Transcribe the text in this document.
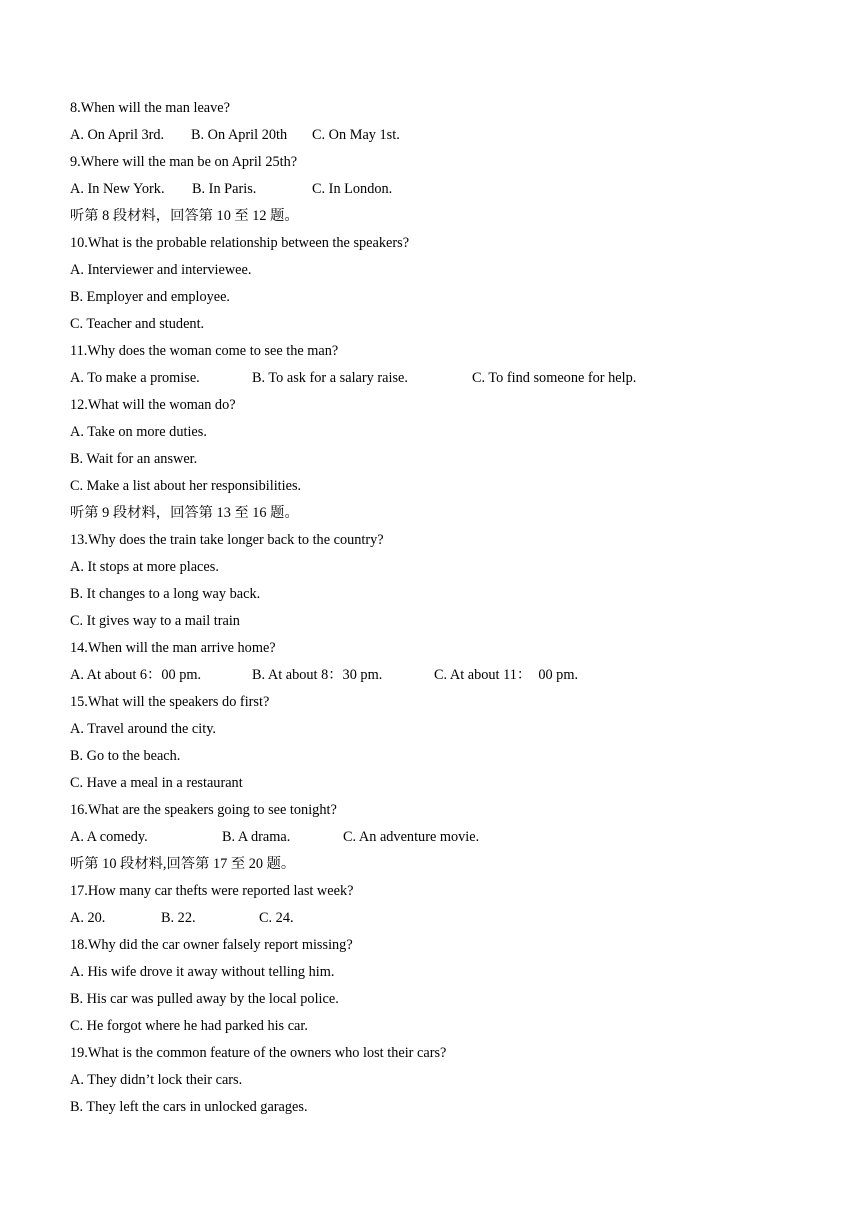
8.When will the man leave?

A. On April 3rd.

B. On April 20th

C. On May 1st.

9.Where will the man be on April 25th?

A. In New York.

B. In Paris.

	C. In London.

听第 8 段材料，回答第 10 至 12 题。
10.What is the probable relationship between the speakers?
A. Interviewer and interviewee.
B. Employer and employee.
C. Teacher and student.
11.Why does the woman come to see the man?

A. To make a promise.

	B. To ask for a salary raise.

	C. To find someone for help.

12.What will the woman do?
A. Take on more duties.
B. Wait for an answer.
C. Make a list about her responsibilities.
听第 9 段材料，回答第 13 至 16 题。
13.Why does the train take longer back to the country?
A. It stops at more places.
B. It changes to a long way back.
C. It gives way to a mail train
14.When will the man arrive home?

A. At about 6：00 pm.

	B. At about 8：30 pm.

	C. At about 11：  00 pm.

15.What will the speakers do first?
A. Travel around the city.
B. Go to the beach.
C. Have a meal in a restaurant
16.What are the speakers going to see tonight?

A. A comedy.

	B. A drama.

	C. An adventure movie.

听第 10 段材料,回答第 17 至 20 题。
17.How many car thefts were reported last week?

A. 20.

	B. 22.

	C. 24.

18.Why did the car owner falsely report missing?
A. His wife drove it away without telling him.
B. His car was pulled away by the local police.
C. He forgot where he had parked his car.
19.What is the common feature of the owners who lost their cars?
A. They didn’t lock their cars.
B. They left the cars in unlocked garages.
